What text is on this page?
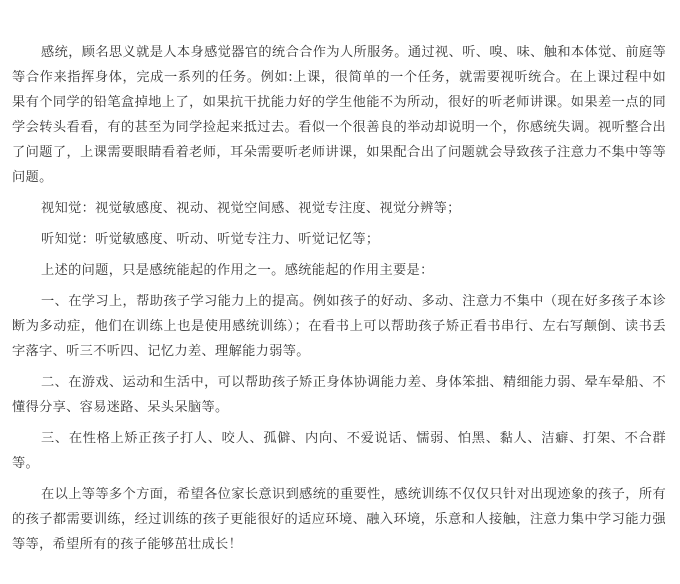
感统，顾名思义就是人本身感觉器官的统合合作为人所服务。通过视、听、嗅、味、触和本体觉、前庭等等合作来指挥身体，完成一系列的任务。例如:上课，很简单的一个任务，就需要视听统合。在上课过程中如果有个同学的铅笔盒掉地上了，如果抗干扰能力好的学生他能不为所动，很好的听老师讲课。如果差一点的同学会转头看看，有的甚至为同学捡起来抵过去。看似一个很善良的举动却说明一个，你感统失调。视听整合出了问题了，上课需要眼睛看着老师，耳朵需要听老师讲课，如果配合出了问题就会导致孩子注意力不集中等等问题。

视知觉：视觉敏感度、视动、视觉空间感、视觉专注度、视觉分辨等；

听知觉：听觉敏感度、听动、听觉专注力、听觉记忆等；

上述的问题，只是感统能起的作用之一。感统能起的作用主要是：

一、在学习上，帮助孩子学习能力上的提高。例如孩子的好动、多动、注意力不集中（现在好多孩子本诊断为多动症，他们在训练上也是使用感统训练）；在看书上可以帮助孩子矫正看书串行、左右写颠倒、读书丢字落字、听三不听四、记忆力差、理解能力弱等。

二、在游戏、运动和生活中，可以帮助孩子矫正身体协调能力差、身体笨拙、精细能力弱、晕车晕船、不懂得分享、容易迷路、呆头呆脑等。

三、在性格上矫正孩子打人、咬人、孤僻、内向、不爱说话、懦弱、怕黑、黏人、洁癖、打架、不合群等。

在以上等等多个方面，希望各位家长意识到感统的重要性，感统训练不仅仅只针对出现迹象的孩子，所有的孩子都需要训练，经过训练的孩子更能很好的适应环境、融入环境，乐意和人接触，注意力集中学习能力强等等，希望所有的孩子能够茁壮成长！
